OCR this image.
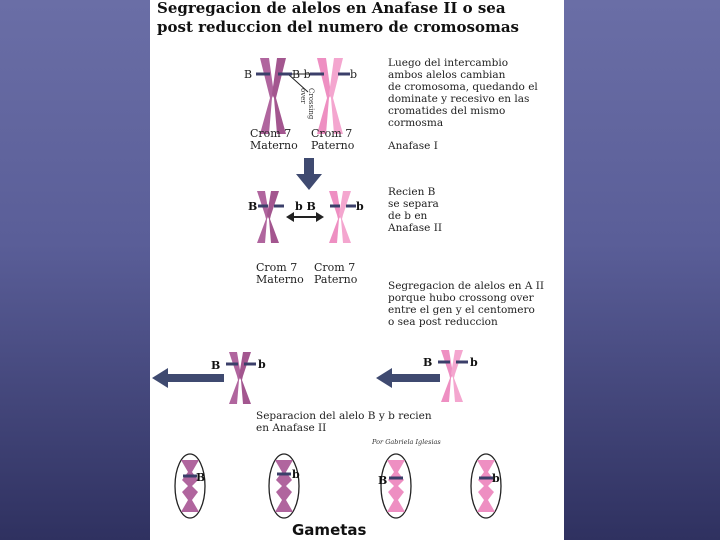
Segregacion de alelos en Anafase II o sea
post reduccion del numero de cromosomas
B	B b	b
Crossing
over
Crom 7
Materno
Crom 7
Paterno
Luego del intercambio
ambos alelos cambian
de cromosoma, quedando el
dominate y recesivo en las
cromatides del mismo
cormosma
Anafase I
B	b B	b
Recien B
se separa
de b en
Anafase II
Crom 7
Materno
Crom 7
Paterno	Segregacion de alelos en A II
porque hubo crossong over
entre el gen y el centomero
o sea post reduccion
B	b	B	b
Separacion del alelo B y b recien
en Anafase II
Por Gabriela Iglesias
B	b	B	b
Gametas
